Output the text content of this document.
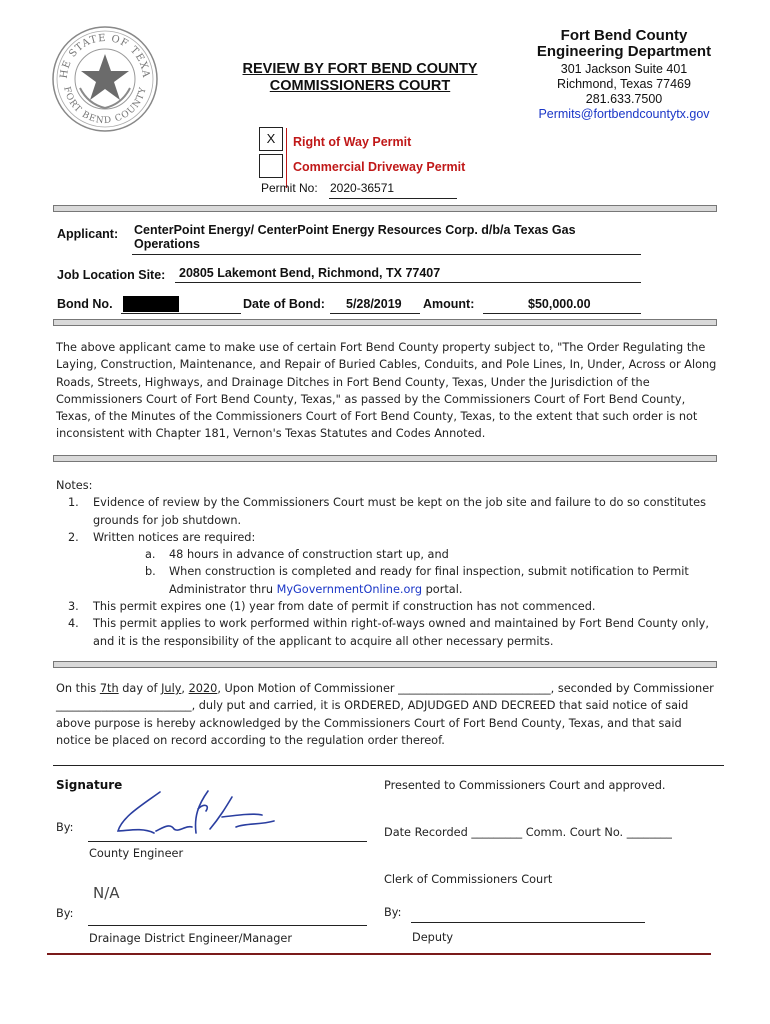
HE STATE OF TEXA
FORT BEND COUNTY
REVIEW BY FORT BEND COUNTY
COMMISSIONERS COURT
Fort Bend County
Engineering Department
301 Jackson Suite 401
Richmond, Texas 77469
281.633.7500
Permits@fortbendcountytx.gov
X	Right of Way Permit
Commercial Driveway Permit
Permit No: 2020-36571
Applicant: CenterPoint Energy/ CenterPoint Energy Resources Corp. d/b/a Texas Gas
Operations
Job Location Site: 20805 Lakemont Bend, Richmond, TX 77407
Bond No.	Date of Bond: 5/28/2019 Amount:	$50,000.00
The above applicant came to make use of certain Fort Bend County property subject to, "The Order Regulating the Laying, Construction, Maintenance, and Repair of Buried Cables, Conduits, and Pole Lines, In, Under, Across or Along Roads, Streets, Highways, and Drainage Ditches in Fort Bend County, Texas, Under the Jurisdiction of the Commissioners Court of Fort Bend County, Texas," as passed by the Commissioners Court of Fort Bend County, Texas, of the Minutes of the Commissioners Court of Fort Bend County, Texas, to the extent that such order is not inconsistent with Chapter 181, Vernon's Texas Statutes and Codes Annoted.
Notes:
1. Evidence of review by the Commissioners Court must be kept on the job site and failure to do so constitutes grounds for job shutdown.
2. Written notices are required:
a. 48 hours in advance of construction start up, and
b. When construction is completed and ready for final inspection, submit notification to Permit Administrator thru MyGovernmentOnline.org portal.
3. This permit expires one (1) year from date of permit if construction has not commenced.
4. This permit applies to work performed within right-of-ways owned and maintained by Fort Bend County only, and it is the responsibility of the applicant to acquire all other necessary permits.
On this 7th day of July, 2020, Upon Motion of Commissioner ___________________________, seconded by Commissioner ________________________, duly put and carried, it is ORDERED, ADJUDGED AND DECREED that said notice of said above purpose is hereby acknowledged by the Commissioners Court of Fort Bend County, Texas, and that said notice be placed on record according to the regulation order thereof.
Signature
By:
County Engineer
N/A
By:
Drainage District Engineer/Manager
Presented to Commissioners Court and approved.
Date Recorded _________ Comm. Court No. ________
Clerk of Commissioners Court
By:
Deputy
